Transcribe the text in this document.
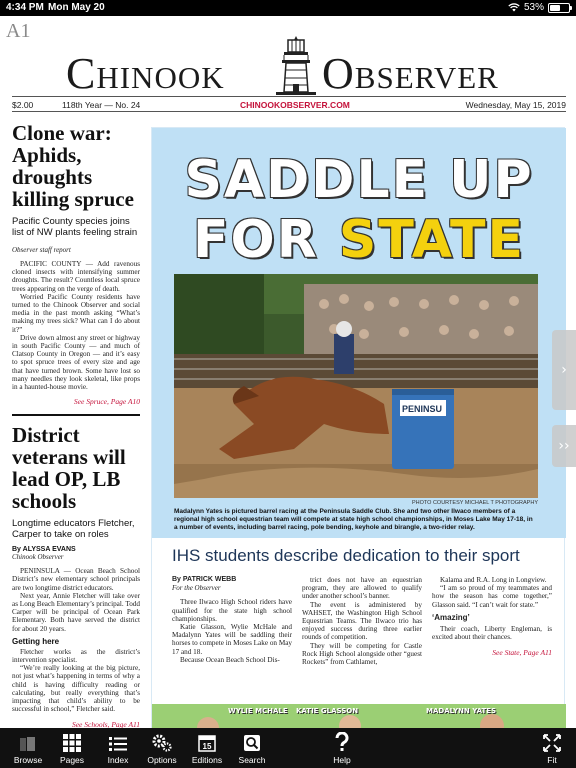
4:34 PM Mon May 20	53%
A1
Chinook Observer
$2.00	118th Year — No. 24	CHINOOKOBSERVER.COM	Wednesday, May 15, 2019
Clone war: Aphids, droughts killing spruce
Pacific County species joins list of NW plants feeling strain
Observer staff report

PACIFIC COUNTY — Add ravenous cloned insects with intensifying summer droughts. The result? Countless local spruce trees appearing on the verge of death.

Worried Pacific County residents have turned to the Chinook Observer and social media in the past month asking “What’s making my trees sick? What can I do about it?”

Drive down almost any street or highway in south Pacific County — and much of Clatsop County in Oregon — and it’s easy to spot spruce trees of every size and age that have turned brown. Some have lost so many needles they look skeletal, like props in a haunted-house movie.

See Spruce, Page A10
District veterans will lead OP, LB schools
Longtime educators Fletcher, Carper to take on roles
By ALYSSA EVANS
Chinook Observer

PENINSULA — Ocean Beach School District’s new elementary school principals are two longtime district educators.

Next year, Annie Fletcher will take over as Long Beach Elementary’s principal. Todd Carper will be principal of Ocean Park Elementary. Both have served the district for about 20 years.

Getting here

Fletcher works as the district’s intervention specialist.

“We’re really looking at the big picture, not just what’s happening in terms of why a child is having difficulty reading or calculating, but really everything that’s impacting that child’s ability to be successful in school,” Fletcher said.

See Schools, Page A11
SADDLE UP
FOR STATE
PENINSU
PHOTO COURTESY MICHAEL T PHOTOGRAPHY
Madalynn Yates is pictured barrel racing at the Peninsula Saddle Club. She and two other Ilwaco members of a regional high school equestrian team will compete at state high school championships, in Moses Lake May 17-18, in a number of events, including barrel racing, pole bending, keyhole and birangle, a two-rider relay.
IHS students describe dedication to their sport

By PATRICK WEBB

For the Observer

Three Ilwaco High School riders have qualified for the state high school championships.

Katie Glasson, Wylie McHale and Madalynn Yates will be saddling their horses to compete in Moses Lake on May 17 and 18.

Because Ocean Beach School Dis-

trict does not have an equestrian program, they are allowed to qualify under another school’s banner.

The event is administered by WAHSET, the Washington High School Equestrian Teams. The Ilwaco trio has enjoyed success during three earlier rounds of competition.

They will be competing for Castle Rock High School alongside other “guest Rockets” from Cathlamet,

Kalama and R.A. Long in Longview.

“I am so proud of my teammates and how the season has come together,” Glasson said. “I can’t wait for state.”

‘Amazing’

Their coach, Liberty Engleman, is excited about their chances.

See State, Page A11
WYLIE MCHALE KATIE GLASSON	MADALYNN YATES
›
››
Browse Pages	Index Options
15
Editions Search	Help	Fit
